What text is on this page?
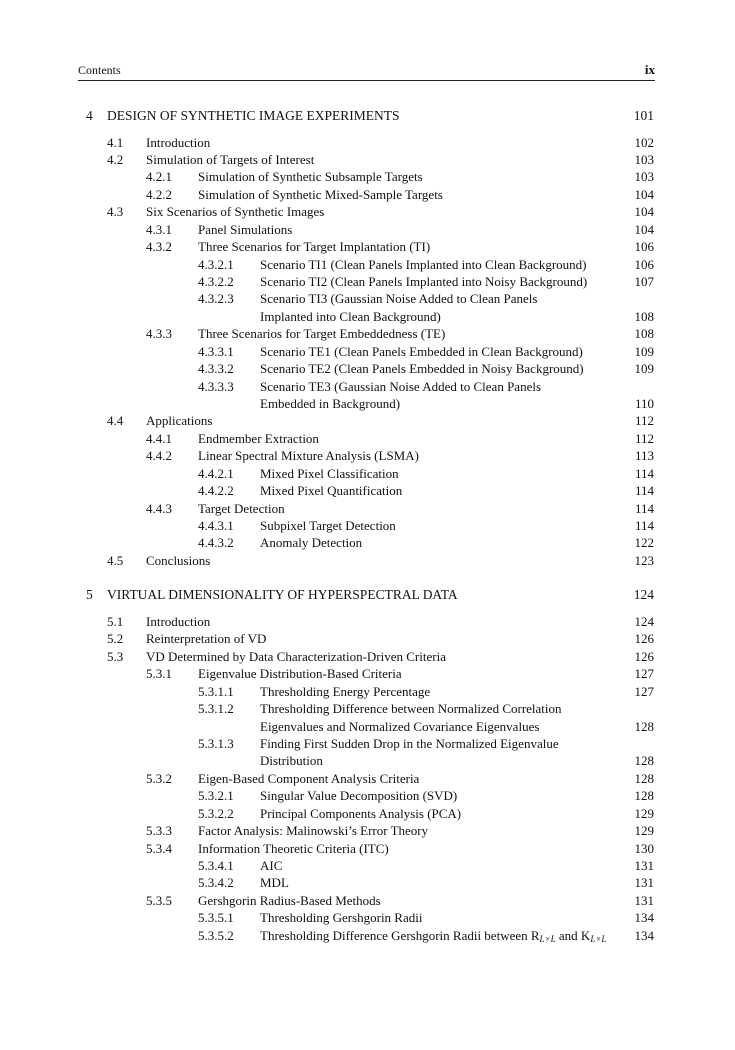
Contents	ix
4 DESIGN OF SYNTHETIC IMAGE EXPERIMENTS	101
4.1 Introduction	102
4.2 Simulation of Targets of Interest	103
4.2.1 Simulation of Synthetic Subsample Targets	103
4.2.2 Simulation of Synthetic Mixed-Sample Targets	104
4.3 Six Scenarios of Synthetic Images	104
4.3.1 Panel Simulations	104
4.3.2 Three Scenarios for Target Implantation (TI)	106
4.3.2.1 Scenario TI1 (Clean Panels Implanted into Clean Background)	106
4.3.2.2 Scenario TI2 (Clean Panels Implanted into Noisy Background)	107
4.3.2.3 Scenario TI3 (Gaussian Noise Added to Clean Panels
Implanted into Clean Background)	108
4.3.3 Three Scenarios for Target Embeddedness (TE)	108
4.3.3.1 Scenario TE1 (Clean Panels Embedded in Clean Background)	109
4.3.3.2 Scenario TE2 (Clean Panels Embedded in Noisy Background)	109
4.3.3.3 Scenario TE3 (Gaussian Noise Added to Clean Panels
Embedded in Background)	110
4.4 Applications	112
4.4.1 Endmember Extraction	112
4.4.2 Linear Spectral Mixture Analysis (LSMA)	113
4.4.2.1 Mixed Pixel Classification	114
4.4.2.2 Mixed Pixel Quantification	114
4.4.3 Target Detection	114
4.4.3.1 Subpixel Target Detection	114
4.4.3.2 Anomaly Detection	122
4.5 Conclusions	123
5 VIRTUAL DIMENSIONALITY OF HYPERSPECTRAL DATA	124
5.1 Introduction	124
5.2 Reinterpretation of VD	126
5.3 VD Determined by Data Characterization-Driven Criteria	126
5.3.1 Eigenvalue Distribution-Based Criteria	127
5.3.1.1 Thresholding Energy Percentage	127
5.3.1.2 Thresholding Difference between Normalized Correlation
Eigenvalues and Normalized Covariance Eigenvalues	128
5.3.1.3 Finding First Sudden Drop in the Normalized Eigenvalue
Distribution	128
5.3.2 Eigen-Based Component Analysis Criteria	128
5.3.2.1 Singular Value Decomposition (SVD)	128
5.3.2.2 Principal Components Analysis (PCA)	129
5.3.3 Factor Analysis: Malinowski’s Error Theory	129
5.3.4 Information Theoretic Criteria (ITC)	130
5.3.4.1 AIC	131
5.3.4.2 MDL	131
5.3.5 Gershgorin Radius-Based Methods	131
5.3.5.1 Thresholding Gershgorin Radii	134
5.3.5.2 Thresholding Difference Gershgorin Radii between $R_{L\times L}$ and $K_{L\times L}$ 134
